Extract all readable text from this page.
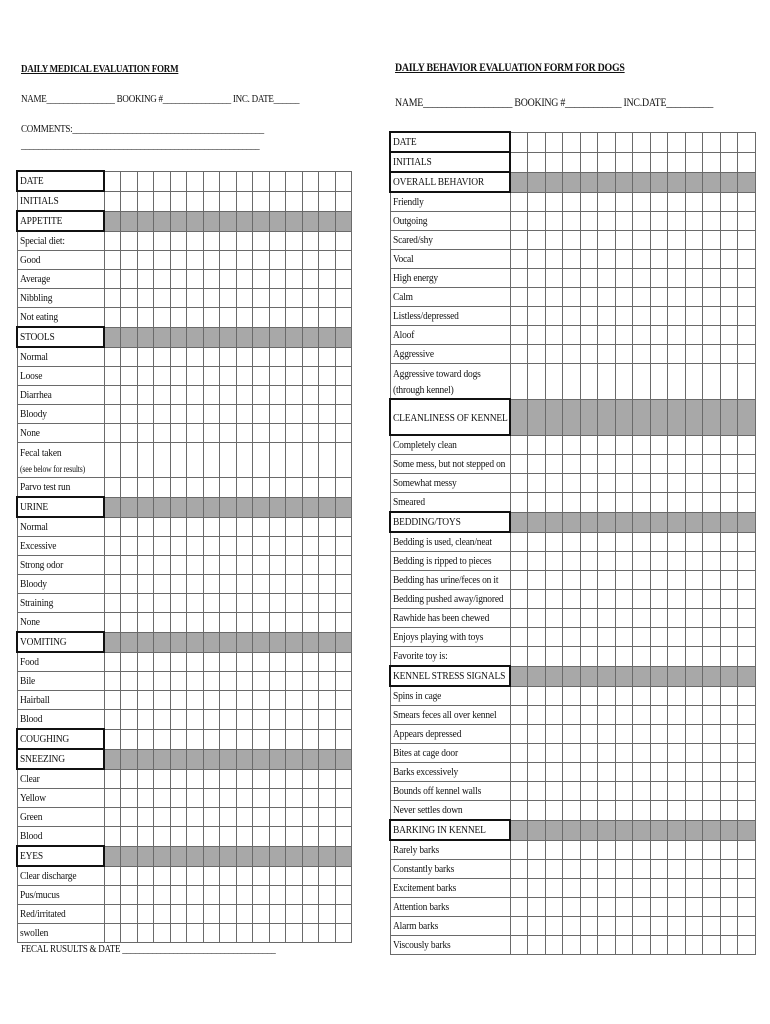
DAILY MEDICAL EVALUATION FORM
NAME________________ BOOKING #________________ INC. DATE______
COMMENTS:_____________________________________________
________________________________________________________
DATE															
INITIALS															
APPETITE															
Special diet:															
Good															
Average															
Nibbling															
Not eating															
STOOLS															
Normal															
Loose															
Diarrhea															
Bloody															
None															

Fecal taken
(see below for results)															

Parvo test run															
URINE															
Normal															
Excessive															
Strong odor															
Bloody															
Straining															
None															
VOMITING															
Food															
Bile															
Hairball															
Blood															
COUGHING															
SNEEZING															
Clear															
Yellow															
Green															
Blood															
EYES															
Clear discharge															
Pus/mucus															
Red/irritated															
swollen															
FECAL RUSULTS & DATE ____________________________________
DAILY BEHAVIOR EVALUATION FORM FOR DOGS
NAME___________________ BOOKING #____________ INC.DATE__________
DATE														
INITIALS														
OVERALL BEHAVIOR														
Friendly														
Outgoing														
Scared/shy														
Vocal														
High energy														
Calm														
Listless/depressed														
Aloof														
Aggressive														

Aggressive toward dogs (through kennel)														

CLEANLINESS OF KENNEL														

Completely clean														
Some mess, but not stepped on														
Somewhat messy														
Smeared														
BEDDING/TOYS														
Bedding is used, clean/neat														
Bedding is ripped to pieces														
Bedding has urine/feces on it														
Bedding pushed away/ignored														
Rawhide has been chewed														
Enjoys playing with toys														
Favorite toy is:														
KENNEL STRESS SIGNALS														
Spins in cage														
Smears feces all over kennel														
Appears depressed														
Bites at cage door														
Barks excessively														
Bounds off kennel walls														
Never settles down														
BARKING IN KENNEL														
Rarely barks														
Constantly barks														
Excitement barks														
Attention barks														
Alarm barks														
Viscously barks														
